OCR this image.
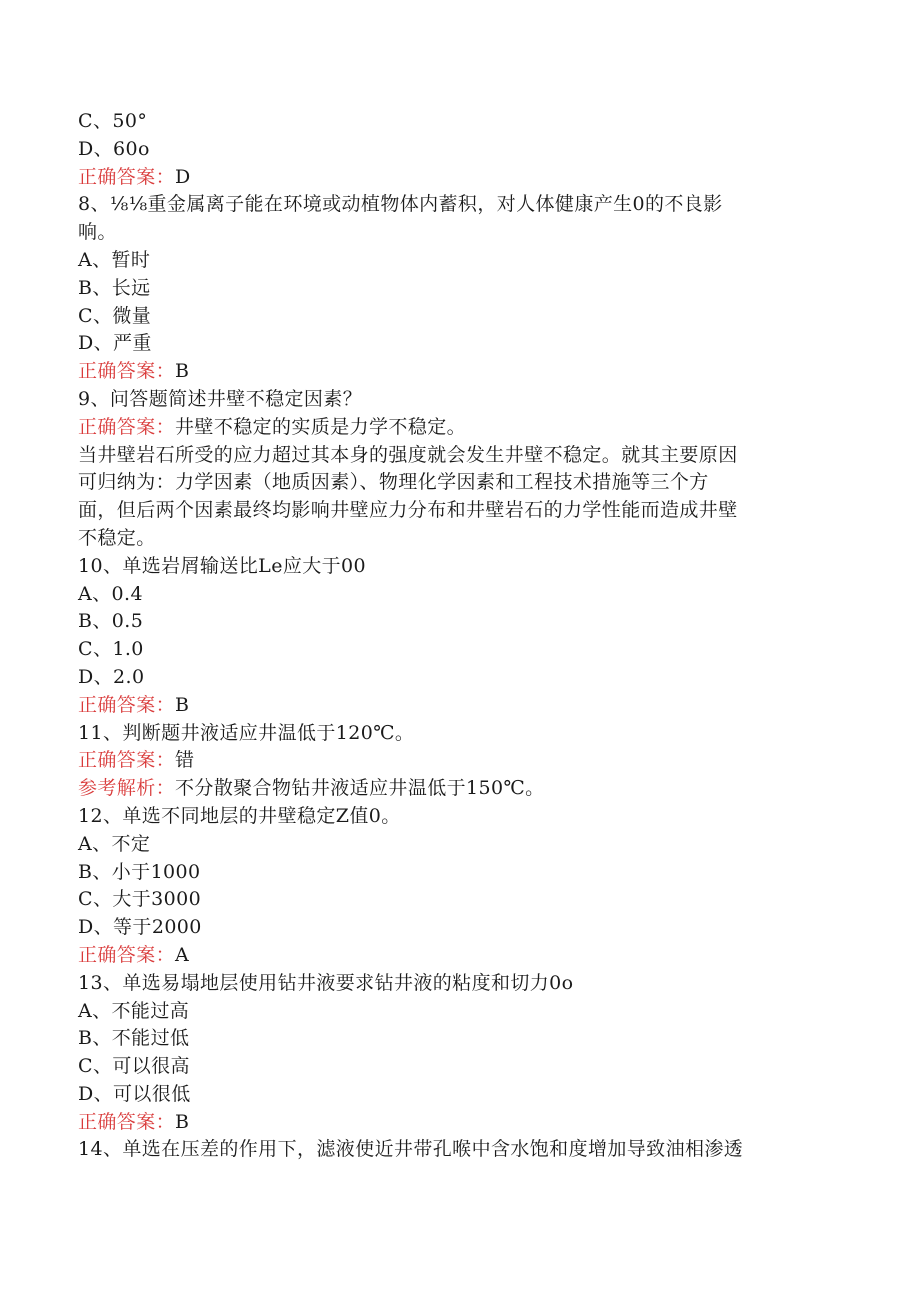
C、50°
D、60o
正确答案：D
8、⅛⅛重金属离子能在环境或动植物体内蓄积，对人体健康产生0的不良影
响。
A、暂时
B、长远
C、微量
D、严重
正确答案：B
9、问答题简述井壁不稳定因素？
正确答案：井壁不稳定的实质是力学不稳定。
当井壁岩石所受的应力超过其本身的强度就会发生井壁不稳定。就其主要原因
可归纳为：力学因素（地质因素）、物理化学因素和工程技术措施等三个方
面，但后两个因素最终均影响井壁应力分布和井壁岩石的力学性能而造成井壁
不稳定。
10、单选岩屑输送比Le应大于00
A、0.4
B、0.5
C、1.0
D、2.0
正确答案：B
11、判断题井液适应井温低于120℃。
正确答案：错
参考解析：不分散聚合物钻井液适应井温低于150℃。
12、单选不同地层的井壁稳定Z值0。
A、不定
B、小于1000
C、大于3000
D、等于2000
正确答案：A
13、单选易塌地层使用钻井液要求钻井液的粘度和切力0o
A、不能过高
B、不能过低
C、可以很高
D、可以很低
正确答案：B
14、单选在压差的作用下，滤液使近井带孔喉中含水饱和度增加导致油相渗透
